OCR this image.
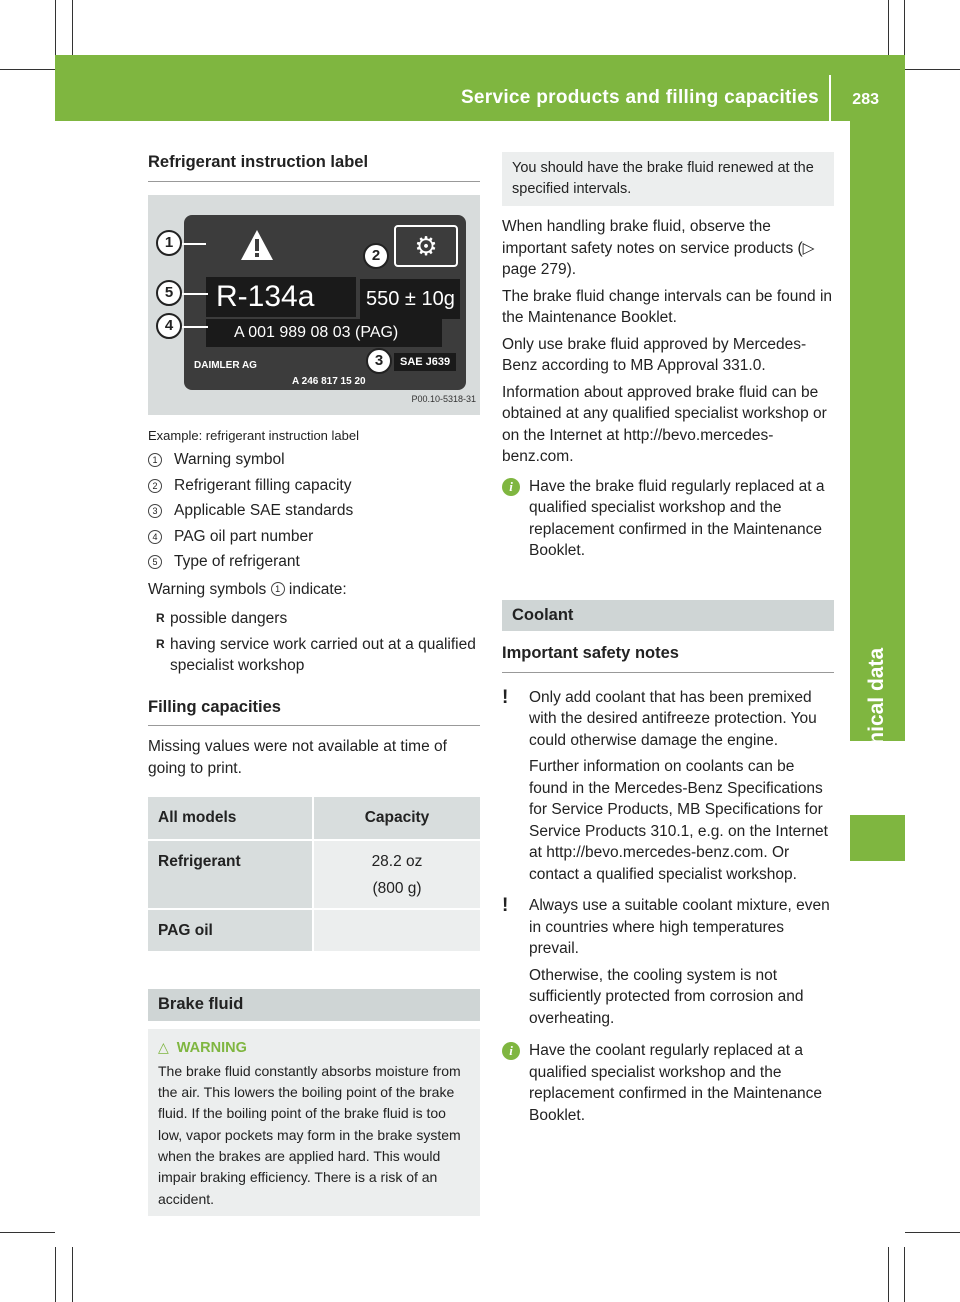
Service products and filling capacities 283
Technical data
Refrigerant instruction label
⚙
R-134a	550 ± 10g
A 001 989 08 03 (PAG)
DAIMLER AG
A 246 817 15 20
SAE J639
1
2
3
4
5
P00.10-5318-31
Example: refrigerant instruction label
1 Warning symbol
2 Refrigerant filling capacity
3 Applicable SAE standards
4 PAG oil part number
5 Type of refrigerant

Warning symbols 1 indicate:

R possible dangers
R having service work carried out at a qualified specialist workshop
Filling capacities

Missing values were not available at time of going to print.

All models	Capacity
Refrigerant	28.2 oz
(800 g)

PAG oil	
Brake fluid
△ WARNING
The brake fluid constantly absorbs moisture from the air. This lowers the boiling point of the brake fluid. If the boiling point of the brake fluid is too low, vapor pockets may form in the brake system when the brakes are applied hard. This would impair braking efficiency. There is a risk of an accident.
You should have the brake fluid renewed at the specified intervals.

When handling brake fluid, observe the important safety notes on service products (▷ page 279).

The brake fluid change intervals can be found in the Maintenance Booklet.

Only use brake fluid approved by Mercedes-Benz according to MB Approval 331.0.

Information about approved brake fluid can be obtained at any qualified specialist workshop or on the Internet at http://bevo.mercedes-benz.com.

i	Have the brake fluid regularly replaced at a qualified specialist workshop and the replacement confirmed in the Maintenance Booklet.
Coolant
Important safety notes
!	Only add coolant that has been premixed with the desired antifreeze protection. You could otherwise damage the engine.

Further information on coolants can be found in the Mercedes-Benz Specifications for Service Products, MB Specifications for Service Products 310.1, e.g. on the Internet at http://bevo.mercedes-benz.com. Or contact a qualified specialist workshop.

!	Always use a suitable coolant mixture, even in countries where high temperatures prevail.

Otherwise, the cooling system is not sufficiently protected from corrosion and overheating.

i	Have the coolant regularly replaced at a qualified specialist workshop and the replacement confirmed in the Maintenance Booklet.
